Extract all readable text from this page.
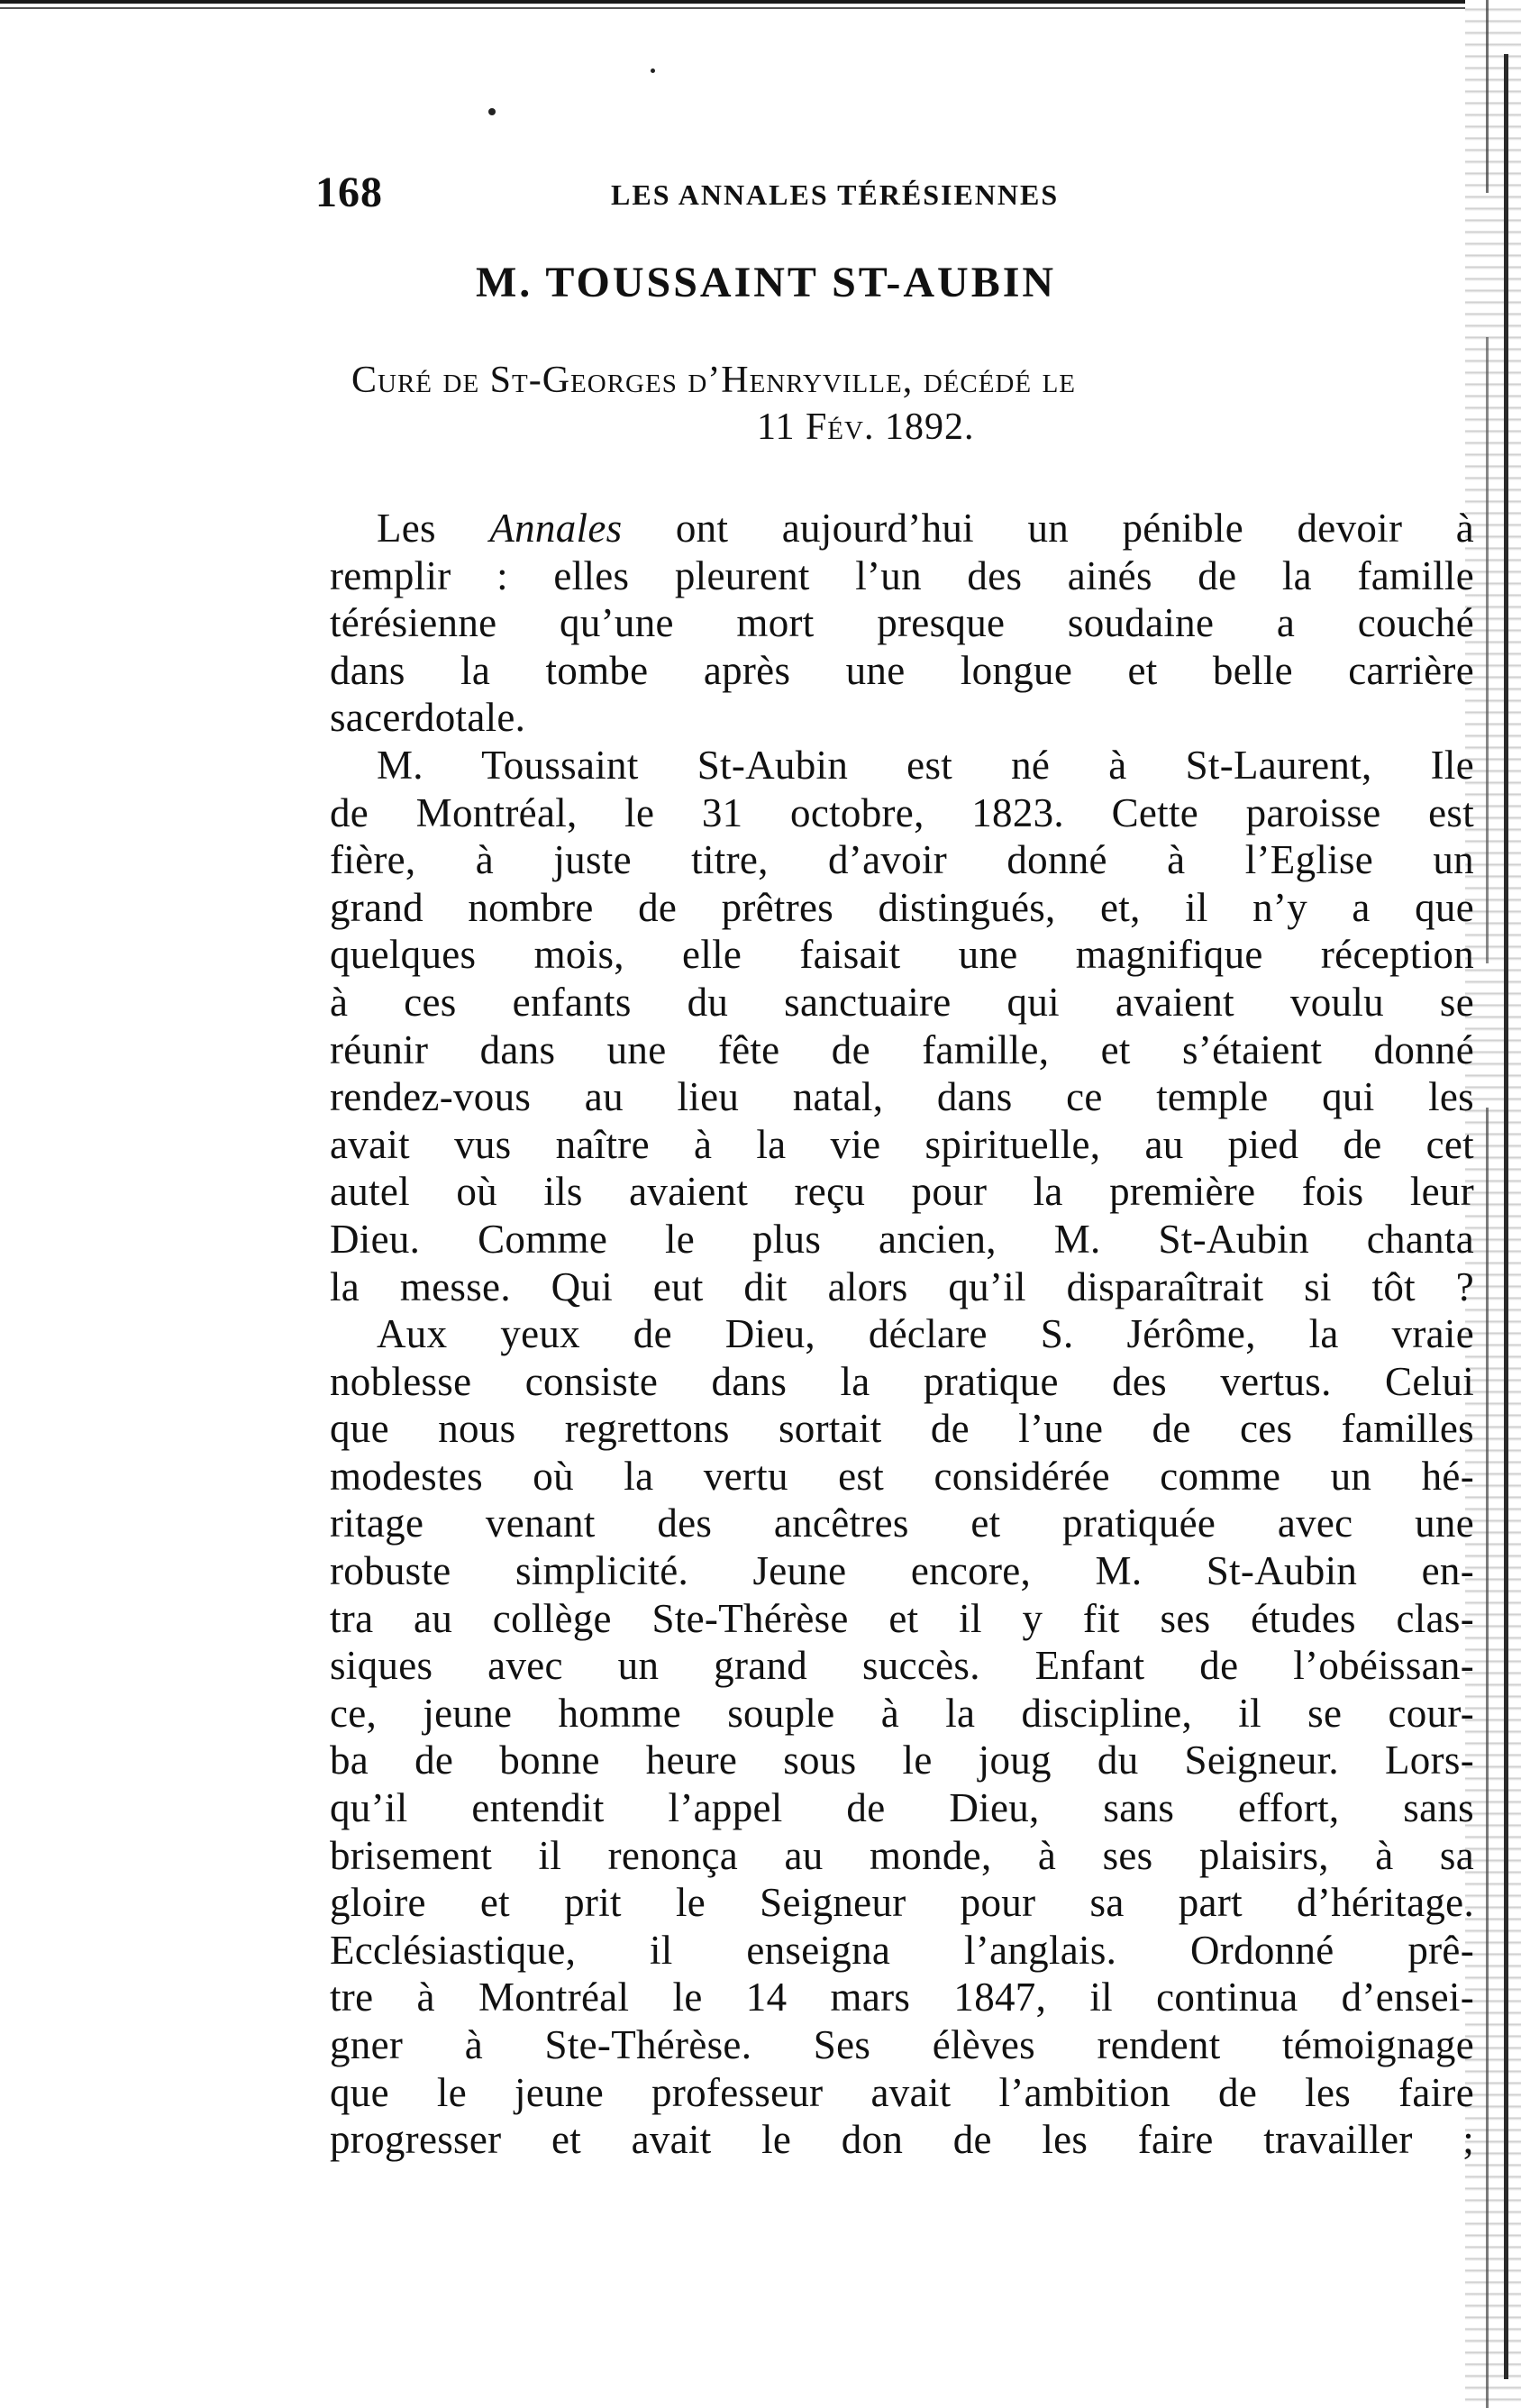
168	LES ANNALES TÉRÉSIENNES
M. TOUSSAINT ST-AUBIN
Curé de St-Georges d’Henryville, décédé le
11 Fév. 1892.
Les Annales ont aujourd’hui un pénible devoir à
remplir : elles pleurent l’un des ainés de la famille
térésienne qu’une mort presque soudaine a couché
dans la tombe après une longue et belle carrière
sacerdotale.
M. Toussaint St-Aubin est né à St-Laurent, Ile
de Montréal, le 31 octobre, 1823. Cette paroisse est
fière, à juste titre, d’avoir donné à l’Eglise un
grand nombre de prêtres distingués, et, il n’y a que
quelques mois, elle faisait une magnifique réception
à ces enfants du sanctuaire qui avaient voulu se
réunir dans une fête de famille, et s’étaient donné
rendez-vous au lieu natal, dans ce temple qui les
avait vus naître à la vie spirituelle, au pied de cet
autel où ils avaient reçu pour la première fois leur
Dieu. Comme le plus ancien, M. St-Aubin chanta
la messe. Qui eut dit alors qu’il disparaîtrait si tôt ?
Aux yeux de Dieu, déclare S. Jérôme, la vraie
noblesse consiste dans la pratique des vertus. Celui
que nous regrettons sortait de l’une de ces familles
modestes où la vertu est considérée comme un hé-
ritage venant des ancêtres et pratiquée avec une
robuste simplicité. Jeune encore, M. St-Aubin en-
tra au collège Ste-Thérèse et il y fit ses études clas-
siques avec un grand succès. Enfant de l’obéissan-
ce, jeune homme souple à la discipline, il se cour-
ba de bonne heure sous le joug du Seigneur. Lors-
qu’il entendit l’appel de Dieu, sans effort, sans
brisement il renonça au monde, à ses plaisirs, à sa
gloire et prit le Seigneur pour sa part d’héritage.
Ecclésiastique, il enseigna l’anglais. Ordonné prê-
tre à Montréal le 14 mars 1847, il continua d’ensei-
gner à Ste-Thérèse. Ses élèves rendent témoignage
que le jeune professeur avait l’ambition de les faire
progresser et avait le don de les faire travailler ;
